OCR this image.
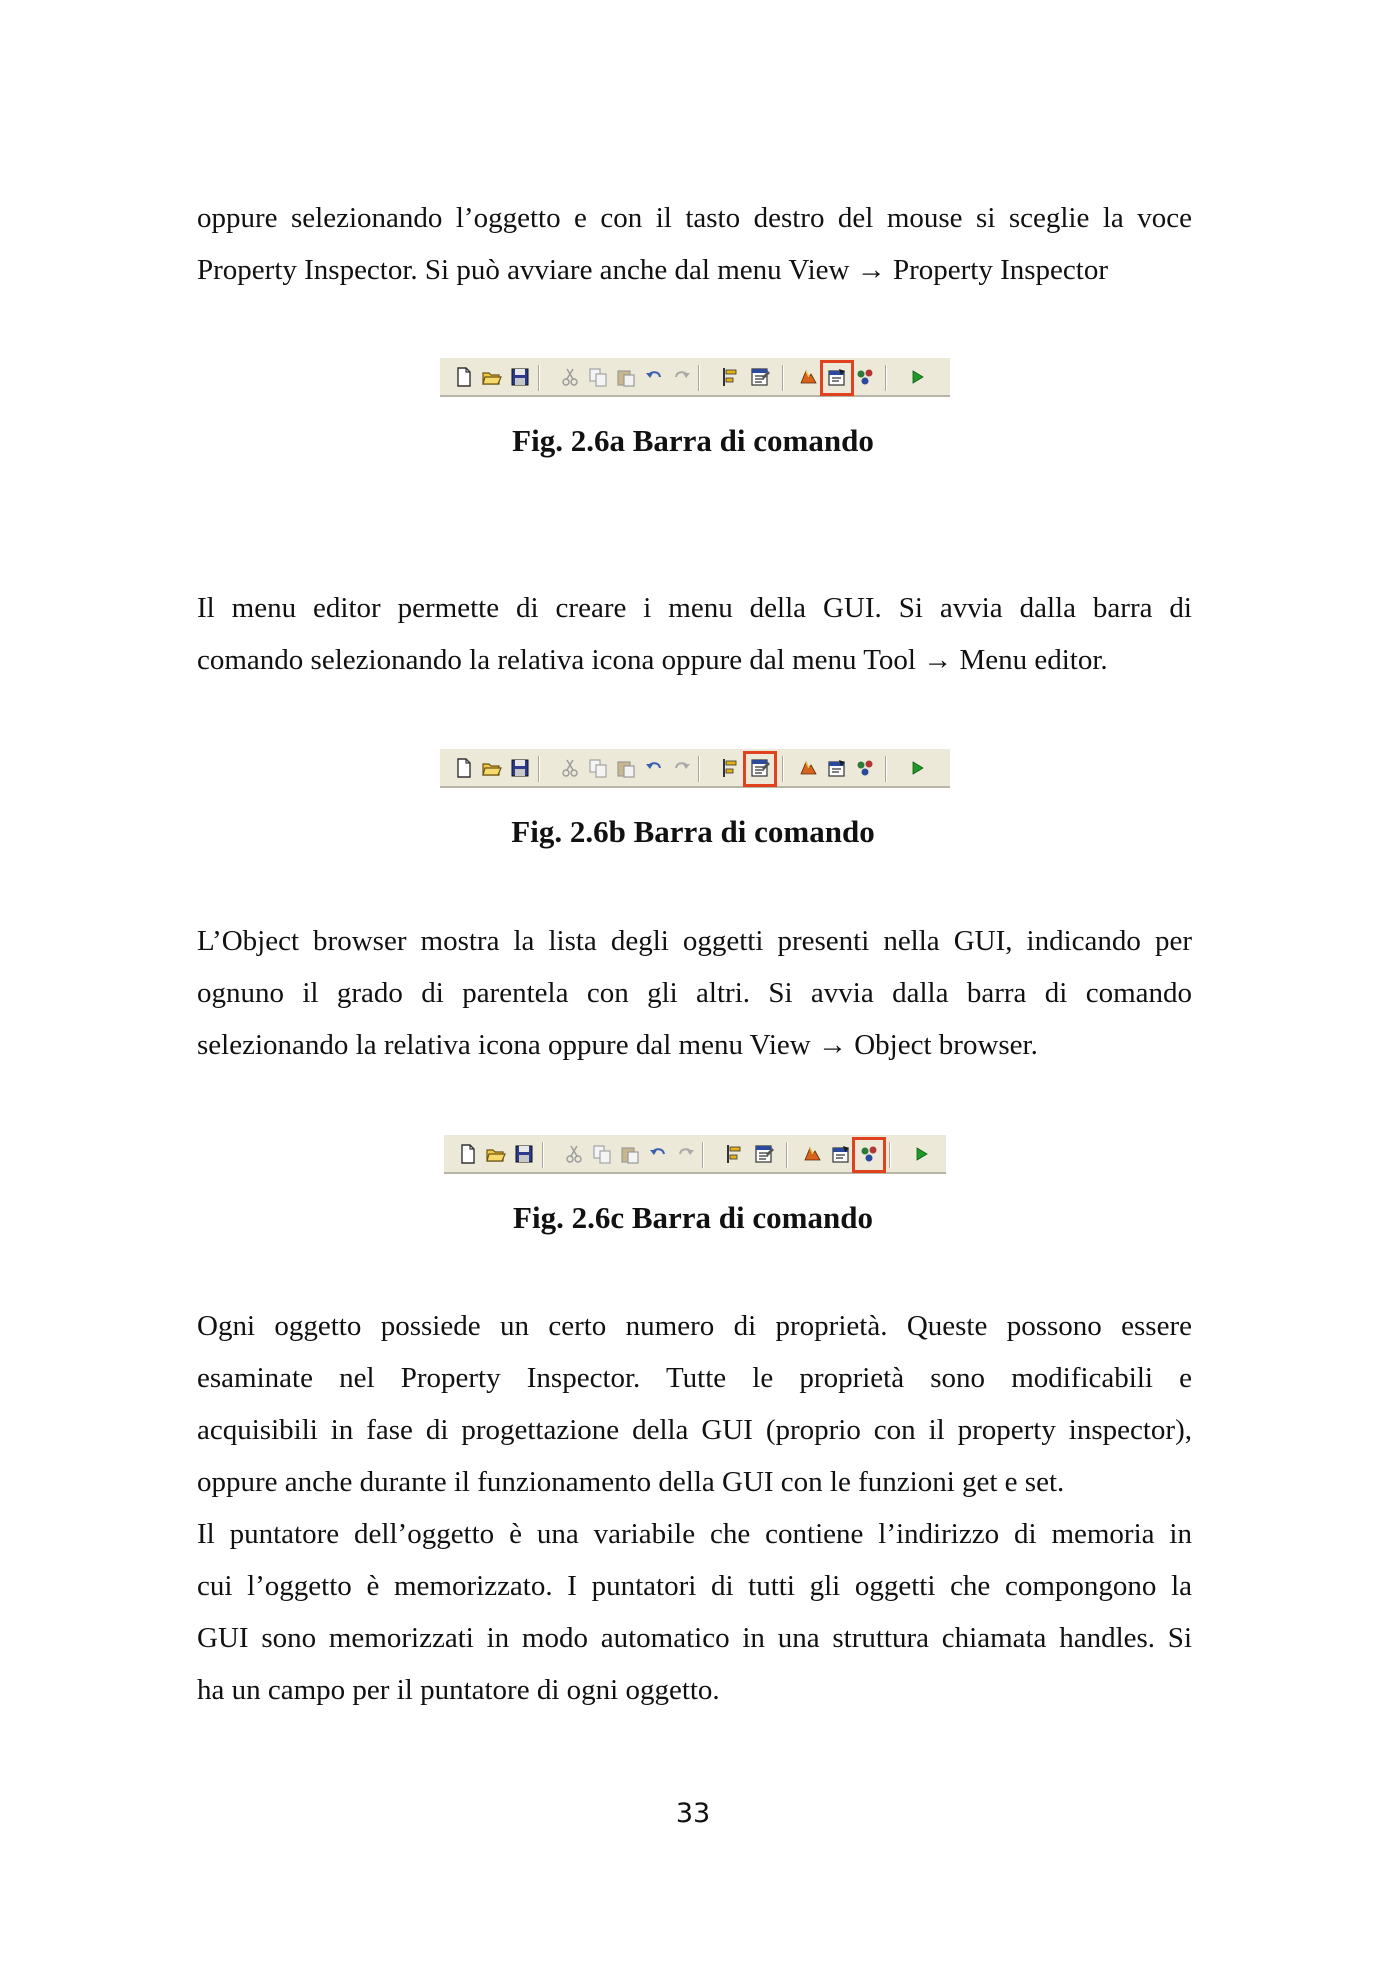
oppure selezionando l’oggetto e con il tasto destro del mouse si sceglie la voce
Property Inspector. Si può avviare anche dal menu View → Property Inspector

Fig. 2.6a Barra di comando

Il menu editor permette di creare i menu della GUI. Si avvia dalla barra di
comando selezionando la relativa icona oppure dal menu Tool → Menu editor.

Fig. 2.6b Barra di comando

L’Object browser mostra la lista degli oggetti presenti nella GUI, indicando per
ognuno il grado di parentela con gli altri. Si avvia dalla barra di comando
selezionando la relativa icona oppure dal menu View → Object browser.

Fig. 2.6c Barra di comando

Ogni oggetto possiede un certo numero di proprietà. Queste possono essere
esaminate nel Property Inspector. Tutte le proprietà sono modificabili e
acquisibili in fase di progettazione della GUI (proprio con il property inspector),
oppure anche durante il funzionamento della GUI con le funzioni get e set.
Il puntatore dell’oggetto è una variabile che contiene l’indirizzo di memoria in
cui l’oggetto è memorizzato. I puntatori di tutti gli oggetti che compongono la
GUI sono memorizzati in modo automatico in una struttura chiamata handles. Si
ha un campo per il puntatore di ogni oggetto.

33
